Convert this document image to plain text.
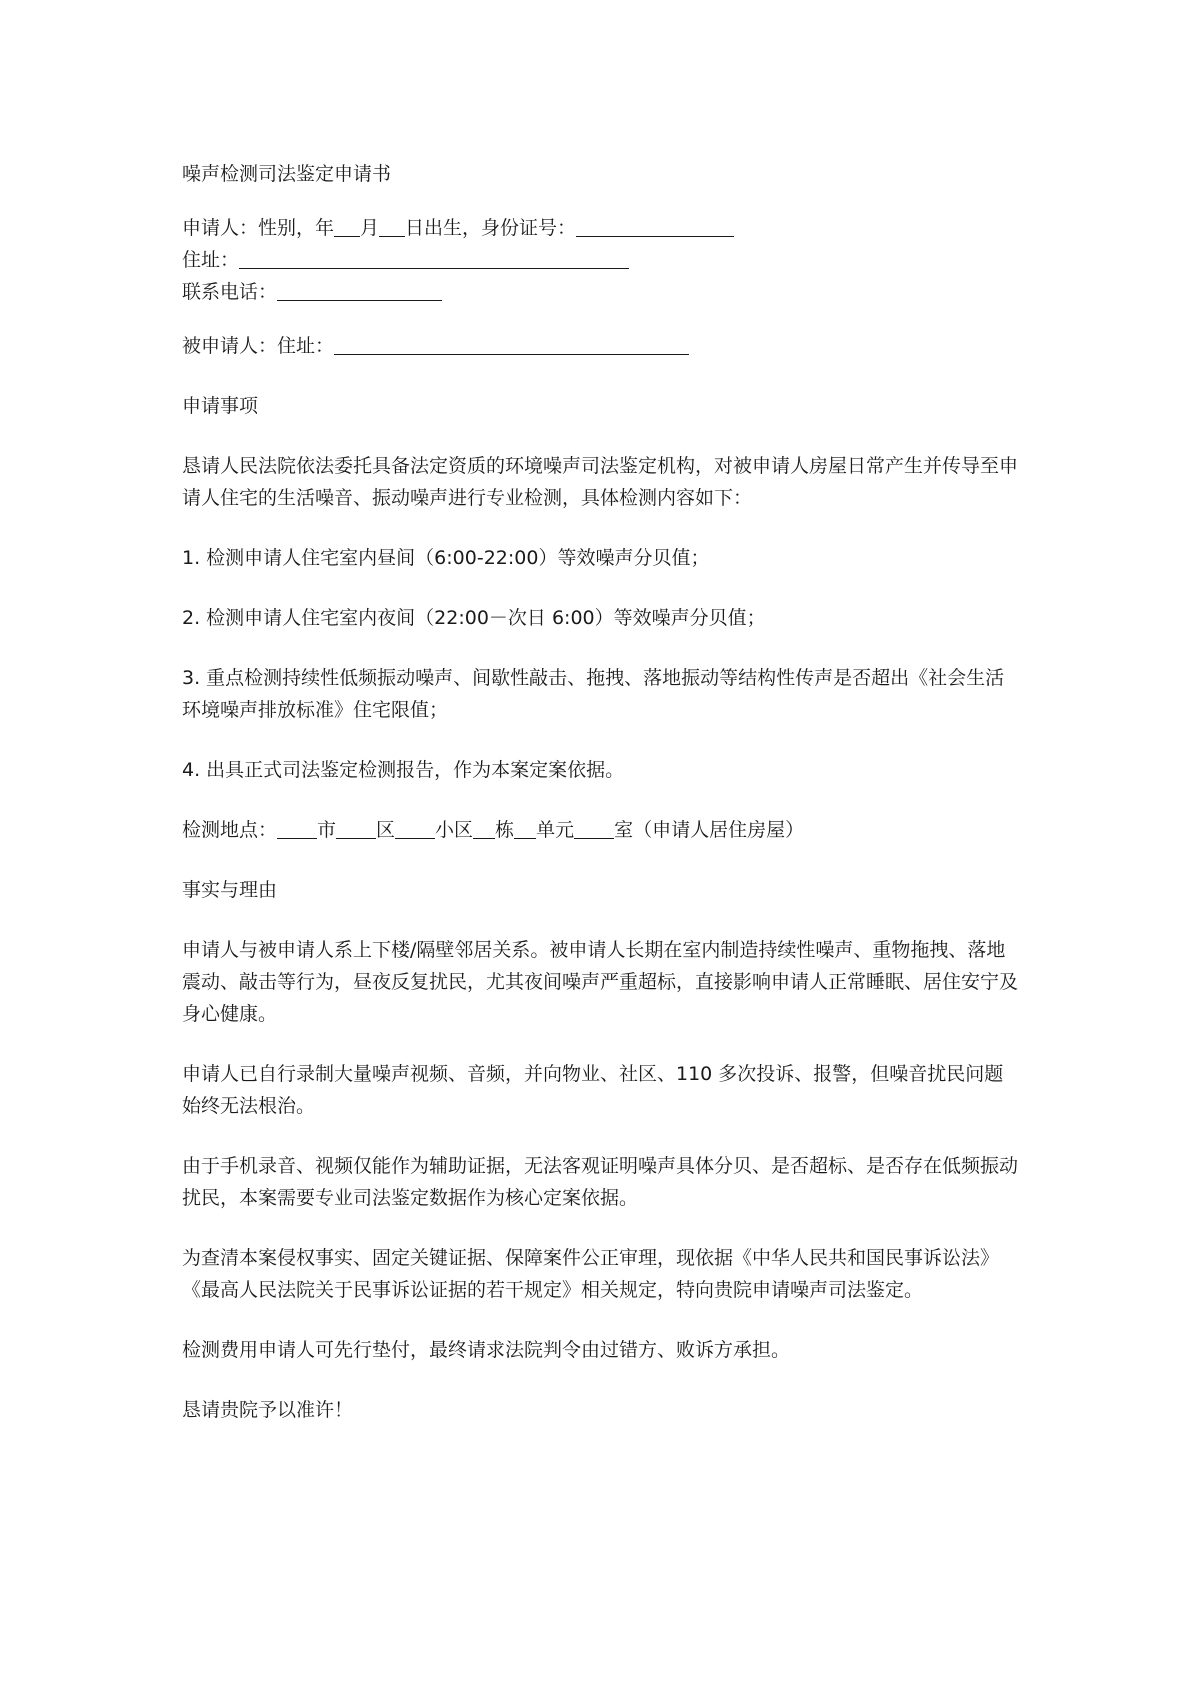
噪声检测司法鉴定申请书

申请人：性别，年 月 日出生，身份证号：

住址：

联系电话：

被申请人：住址：

申请事项

恳请人民法院依法委托具备法定资质的环境噪声司法鉴定机构，对被申请人房屋日常产生并传导至申请人住宅的生活噪音、振动噪声进行专业检测，具体检测内容如下：

1. 检测申请人住宅室内昼间（6:00-22:00）等效噪声分贝值；

2. 检测申请人住宅室内夜间（22:00－次日 6:00）等效噪声分贝值；

3. 重点检测持续性低频振动噪声、间歇性敲击、拖拽、落地振动等结构性传声是否超出《社会生活环境噪声排放标准》住宅限值；

4. 出具正式司法鉴定检测报告，作为本案定案依据。

检测地点： 市 区 小区 栋 单元 室（申请人居住房屋）

事实与理由

申请人与被申请人系上下楼/隔壁邻居关系。被申请人长期在室内制造持续性噪声、重物拖拽、落地震动、敲击等行为，昼夜反复扰民，尤其夜间噪声严重超标，直接影响申请人正常睡眠、居住安宁及身心健康。

申请人已自行录制大量噪声视频、音频，并向物业、社区、110 多次投诉、报警，但噪音扰民问题始终无法根治。

由于手机录音、视频仅能作为辅助证据，无法客观证明噪声具体分贝、是否超标、是否存在低频振动扰民，本案需要专业司法鉴定数据作为核心定案依据。

为查清本案侵权事实、固定关键证据、保障案件公正审理，现依据《中华人民共和国民事诉讼法》《最高人民法院关于民事诉讼证据的若干规定》相关规定，特向贵院申请噪声司法鉴定。

检测费用申请人可先行垫付，最终请求法院判令由过错方、败诉方承担。

恳请贵院予以准许！
